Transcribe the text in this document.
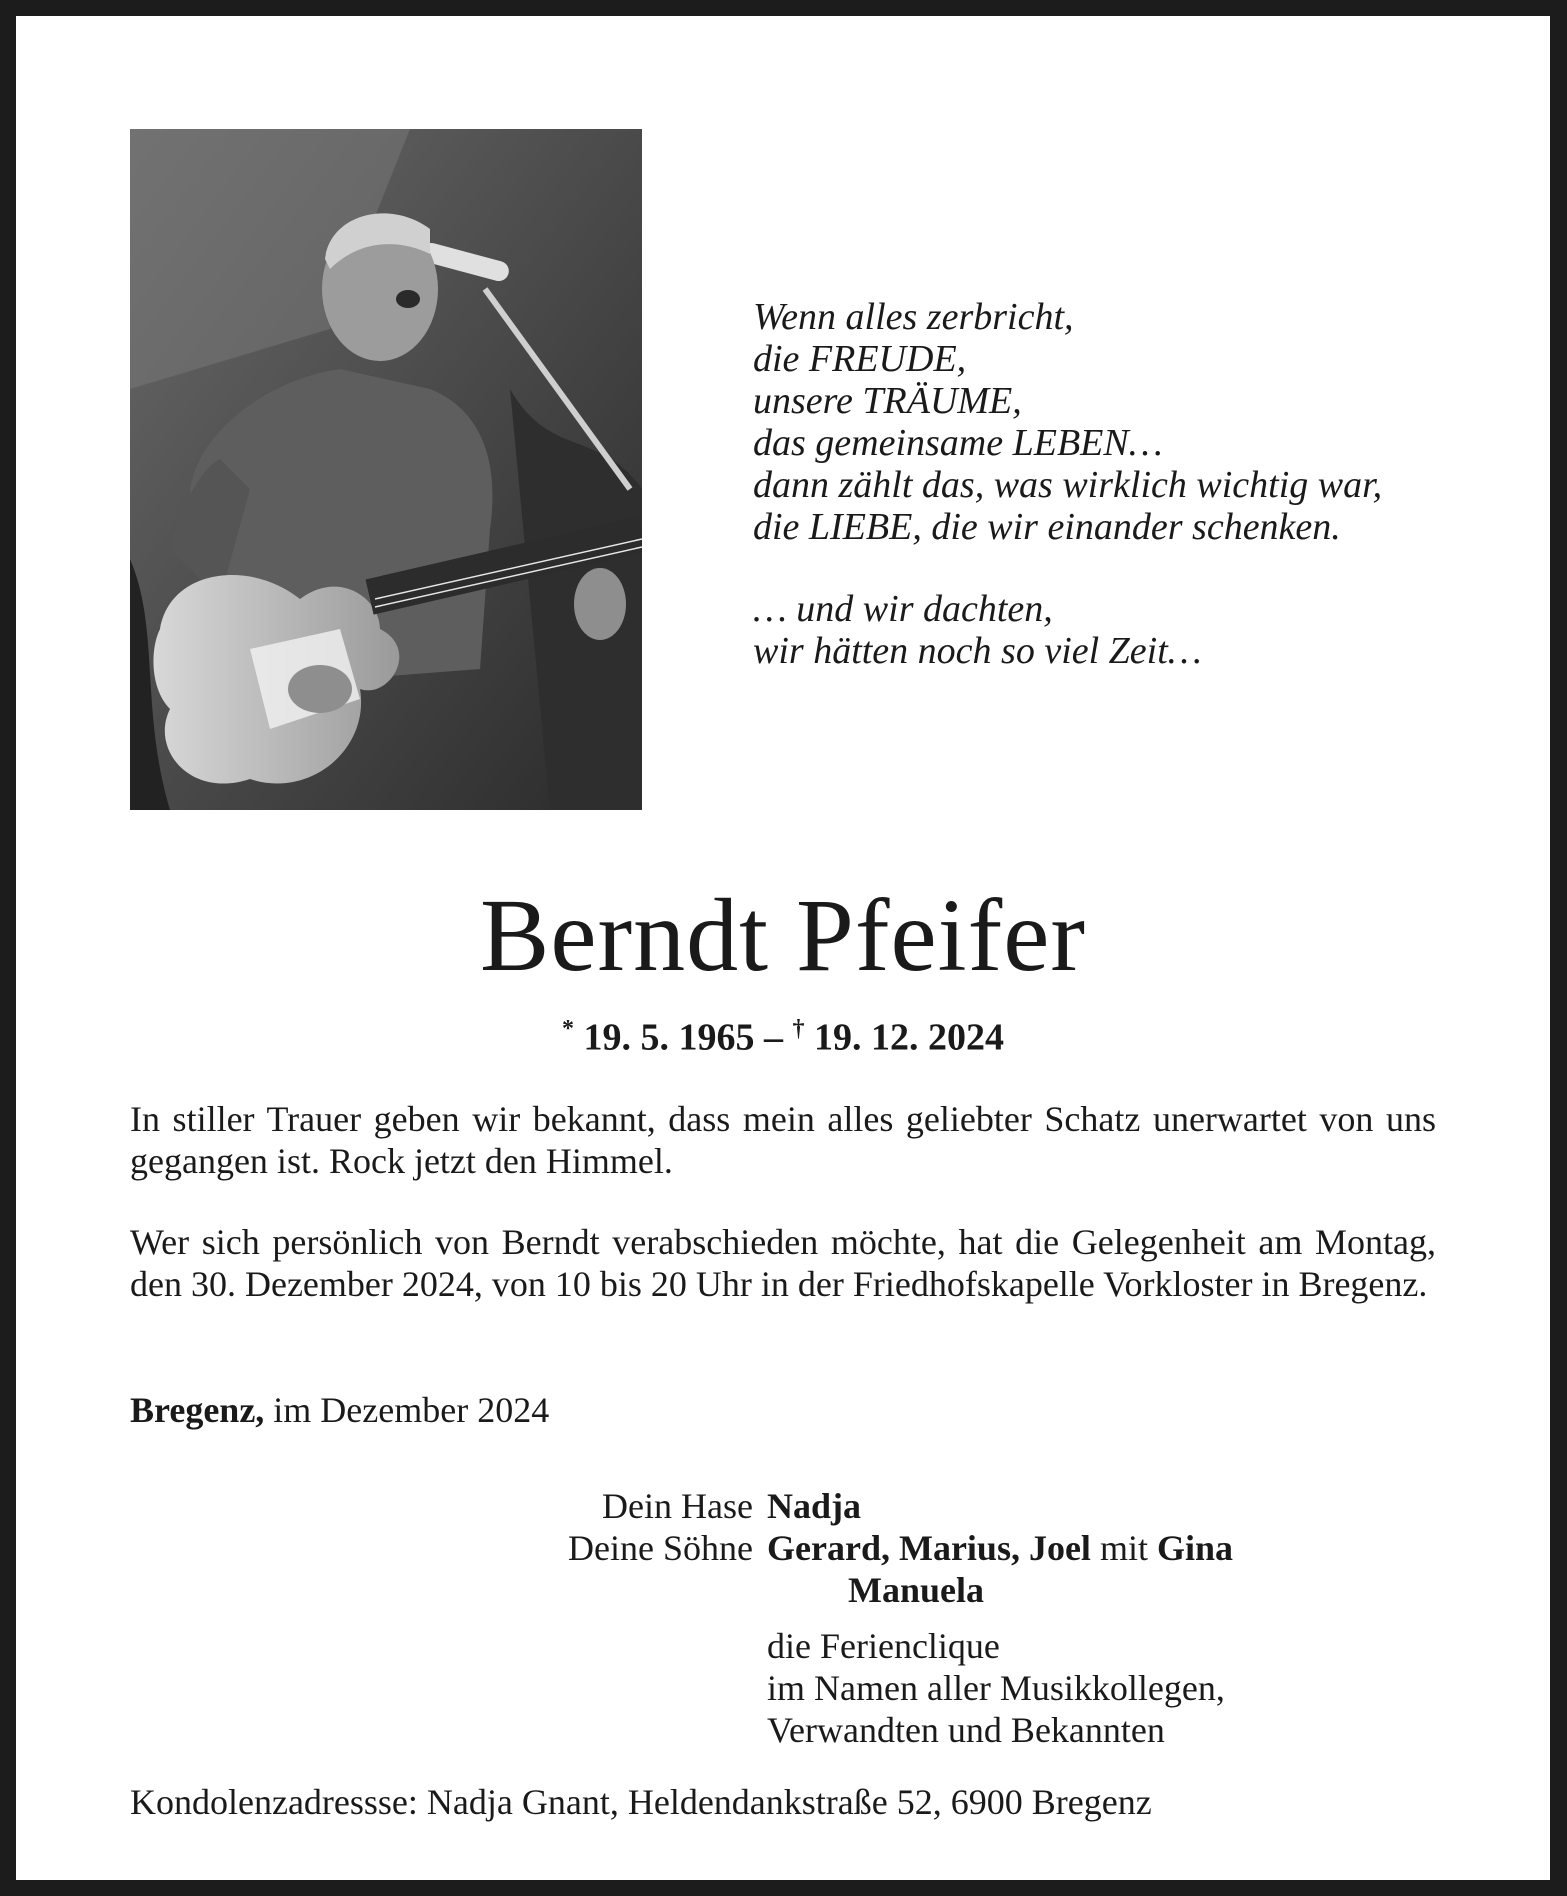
Wenn alles zerbricht,
die FREUDE,
unsere TRÄUME,
das gemeinsame LEBEN…
dann zählt das, was wirklich wichtig war,
die LIEBE, die wir einander schenken.
… und wir dachten,
wir hätten noch so viel Zeit…
Berndt Pfeifer
* 19. 5. 1965 – † 19. 12. 2024
In stiller Trauer geben wir bekannt, dass mein alles geliebter Schatz unerwartet von uns gegangen ist. Rock jetzt den Himmel.
Wer sich persönlich von Berndt verabschieden möchte, hat die Gelegenheit am Montag, den 30. Dezember 2024, von 10 bis 20 Uhr in der Friedhofskapelle Vorkloster in Bregenz.
Bregenz, im Dezember 2024
Dein Hase Nadja
Deine Söhne Gerard, Marius, Joel mit Gina
Manuela
die Ferienclique
im Namen aller Musikkollegen,
Verwandten und Bekannten
Kondolenzadressse: Nadja Gnant, Heldendankstraße 52, 6900 Bregenz
